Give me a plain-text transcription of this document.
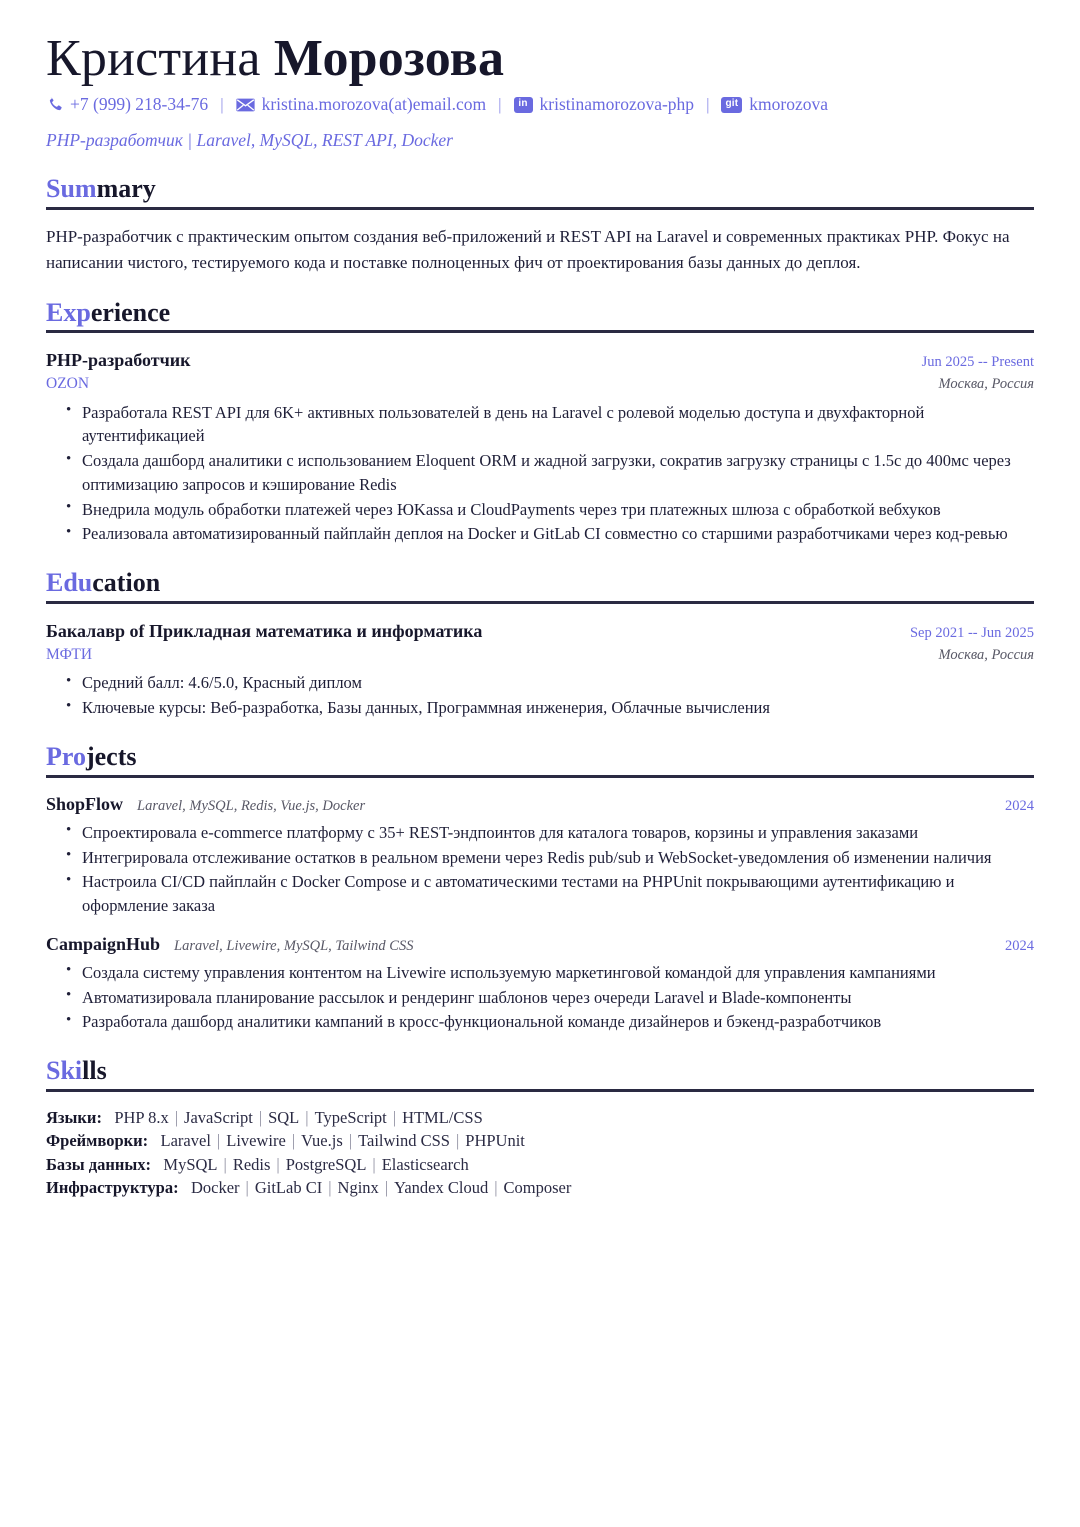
Кристина Морозова
+7 (999) 218-34-76 |	kristina.morozova(at)email.com |	in kristinamorozova-php |	git kmorozova
PHP-разработчик | Laravel, MySQL, REST API, Docker
Summary

PHP-разработчик с практическим опытом создания веб-приложений и REST API на Laravel и современных практиках PHP. Фокус на написании чистого, тестируемого кода и поставке полноценных фич от проектирования базы данных до деплоя.

Experience
PHP-разработчик	Jun 2025 -- Present
OZON	Москва, Россия
• Разработала REST API для 6K+ активных пользователей в день на Laravel с ролевой моделью доступа и двухфакторной аутентификацией
• Создала дашборд аналитики с использованием Eloquent ORM и жадной загрузки, сократив загрузку страницы с 1.5с до 400мс через оптимизацию запросов и кэширование Redis
• Внедрила модуль обработки платежей через ЮKassa и CloudPayments через три платежных шлюза с обработкой вебхуков
• Реализовала автоматизированный пайплайн деплоя на Docker и GitLab CI совместно со старшими разработчиками через код-ревью
Education
Бакалавр of Прикладная математика и информатика	Sep 2021 -- Jun 2025
МФТИ	Москва, Россия
• Средний балл: 4.6/5.0, Красный диплом
• Ключевые курсы: Веб-разработка, Базы данных, Программная инженерия, Облачные вычисления
Projects
ShopFlow Laravel, MySQL, Redis, Vue.js, Docker	2024
• Спроектировала e-commerce платформу с 35+ REST-эндпоинтов для каталога товаров, корзины и управления заказами
• Интегрировала отслеживание остатков в реальном времени через Redis pub/sub и WebSocket-уведомления об изменении наличия
• Настроила CI/CD пайплайн с Docker Compose и с автоматическими тестами на PHPUnit покрывающими аутентификацию и оформление заказа
CampaignHub Laravel, Livewire, MySQL, Tailwind CSS	2024
• Создала систему управления контентом на Livewire используемую маркетинговой командой для управления кампаниями
• Автоматизировала планирование рассылок и рендеринг шаблонов через очереди Laravel и Blade-компоненты
• Разработала дашборд аналитики кампаний в кросс-функциональной команде дизайнеров и бэкенд-разработчиков
Skills
Языки: PHP 8.x | JavaScript | SQL | TypeScript | HTML/CSS
Фреймворки: Laravel | Livewire | Vue.js | Tailwind CSS | PHPUnit
Базы данных: MySQL | Redis | PostgreSQL | Elasticsearch
Инфраструктура: Docker | GitLab CI | Nginx | Yandex Cloud | Composer
